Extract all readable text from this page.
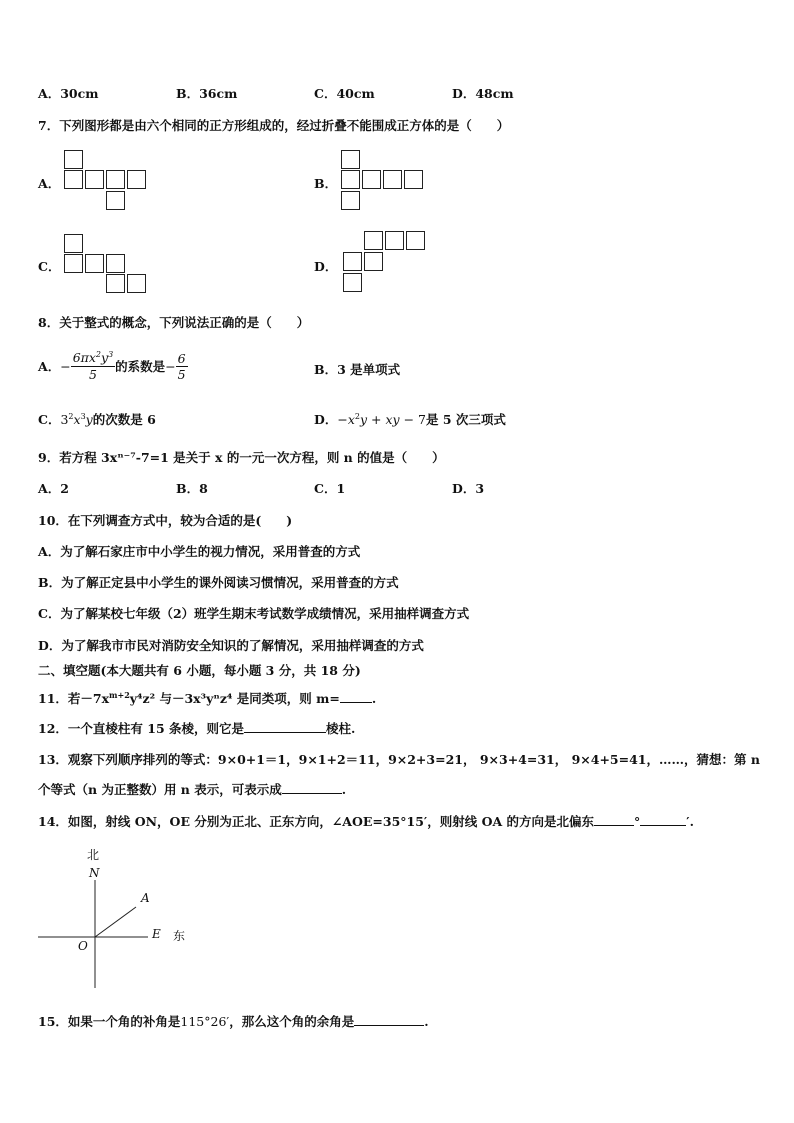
A．30cm	B．36cm	C．40cm	D．48cm
7．下列图形都是由六个相同的正方形组成的，经过折叠不能围成正方体的是（　　）
A．	B．
C．	D．
8．关于整式的概念，下列说法正确的是（　　）
A． − $\frac{6\pi x^2y^3}{5}$ 的系数是 − $\frac{6}{5}$	B．3 是单项式
C．$3^2x^3y$的次数是 6	D．$-x^2y$ + xy − 7是 5 次三项式
9．若方程 3xⁿ⁻⁷-7=1 是关于 x 的一元一次方程，则 n 的值是（　　）
A．2	B．8	C．1	D．3
10．在下列调查方式中，较为合适的是(　　)
A．为了解石家庄市中小学生的视力情况，采用普查的方式
B．为了解正定县中小学生的课外阅读习惯情况，采用普查的方式
C．为了解某校七年级（2）班学生期末考试数学成绩情况，采用抽样调查方式
D．为了解我市市民对消防安全知识的了解情况，采用抽样调查的方式
二、填空题(本大题共有 6 小题，每小题 3 分，共 18 分)
11．若$-7x^{m+2}y^4z^2$ 与－3x³yⁿz⁴ 是同类项，则 m=	.
12．一个直棱柱有 15 条棱，则它是	棱柱.
13．观察下列顺序排列的等式：9×0+1＝1，9×1+2＝11，9×2+3=21， 9×3+4=31， 9×4+5=41，……，猜想：第 n
个等式（n 为正整数）用 n 表示，可表示成	.
14．如图，射线 ON，OE 分别为正北、正东方向，∠AOE=35°15′，则射线 OA 的方向是北偏东	°	′.
北
N
A
E 东
O
15．如果一个角的补角是115°26′，那么这个角的余角是	.
